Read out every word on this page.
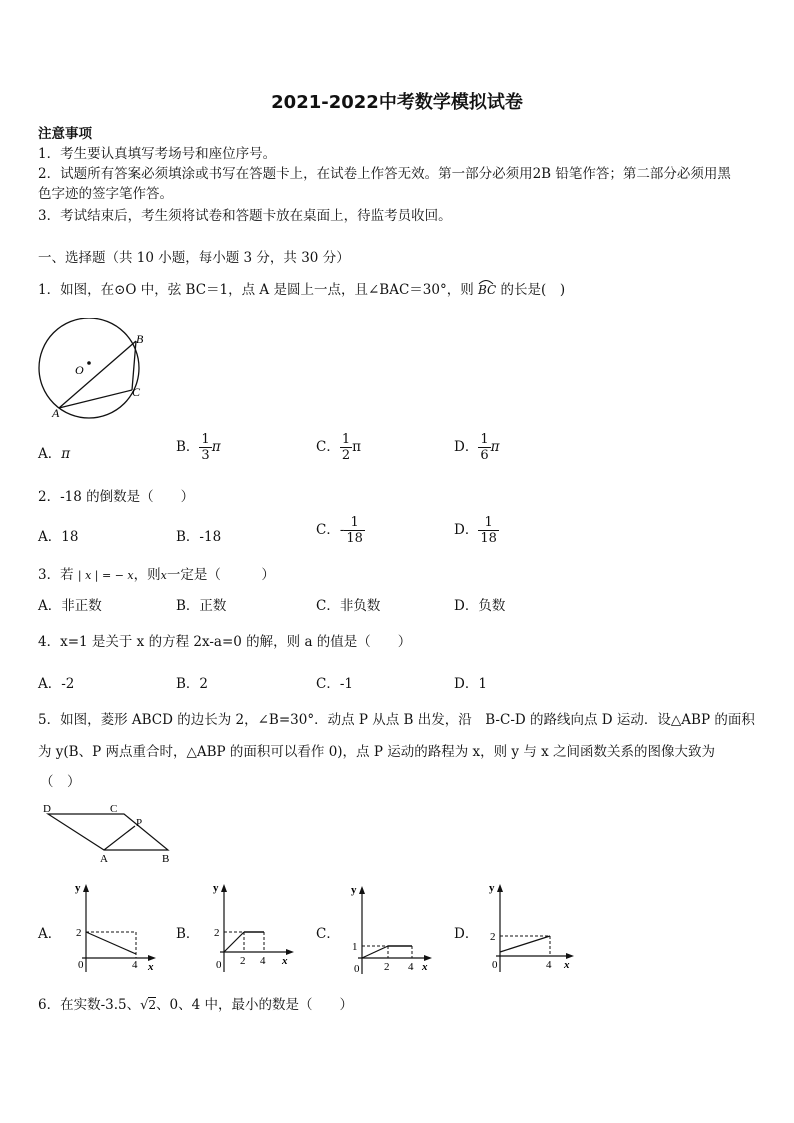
2021-2022中考数学模拟试卷
注意事项
1．考生要认真填写考场号和座位序号。
2．试题所有答案必须填涂或书写在答题卡上，在试卷上作答无效。第一部分必须用2B 铅笔作答；第二部分必须用黑
色字迹的签字笔作答。
3．考试结束后，考生须将试卷和答题卡放在桌面上，待监考员收回。
一、选择题（共 10 小题，每小题 3 分，共 30 分）
1．如图，在⊙O 中，弦 BC＝1，点 A 是圆上一点，且∠BAC＝30°，则 BC 的长是(　)
O
A
B
C
A．π	B． $\frac{1}{3}$ π	C． $\frac{1}{2}$ π	D． $\frac{1}{6}$ π
2．-18 的倒数是（　　）
A．18	B．-18	C．- $\frac{1}{18}$	D． $\frac{1}{18}$
3．若 | x | = − x，则x一定是（　　　）
A．非正数	B．正数	C．非负数	D．负数
4．x=1 是关于 x 的方程 2x-a=0 的解，则 a 的值是（　　）
A．-2	B．2	C．-1	D．1
5．如图，菱形 ABCD 的边长为 2，∠B=30°．动点 P 从点 B 出发，沿　B-C-D 的路线向点 D 运动．设△ABP 的面积
为 y(B、P 两点重合时，△ABP 的面积可以看作 0)，点 P 运动的路程为 x，则 y 与 x 之间函数关系的图像大致为
（　）
D	C
P
A	B
A．
y
2
0	4 x
B．
y
2
0 2 4 x
C．
y
1
0 2 4 x
D．
y
2
0	4 x
6．在实数-3.5、√2、0、4 中，最小的数是（　　）
